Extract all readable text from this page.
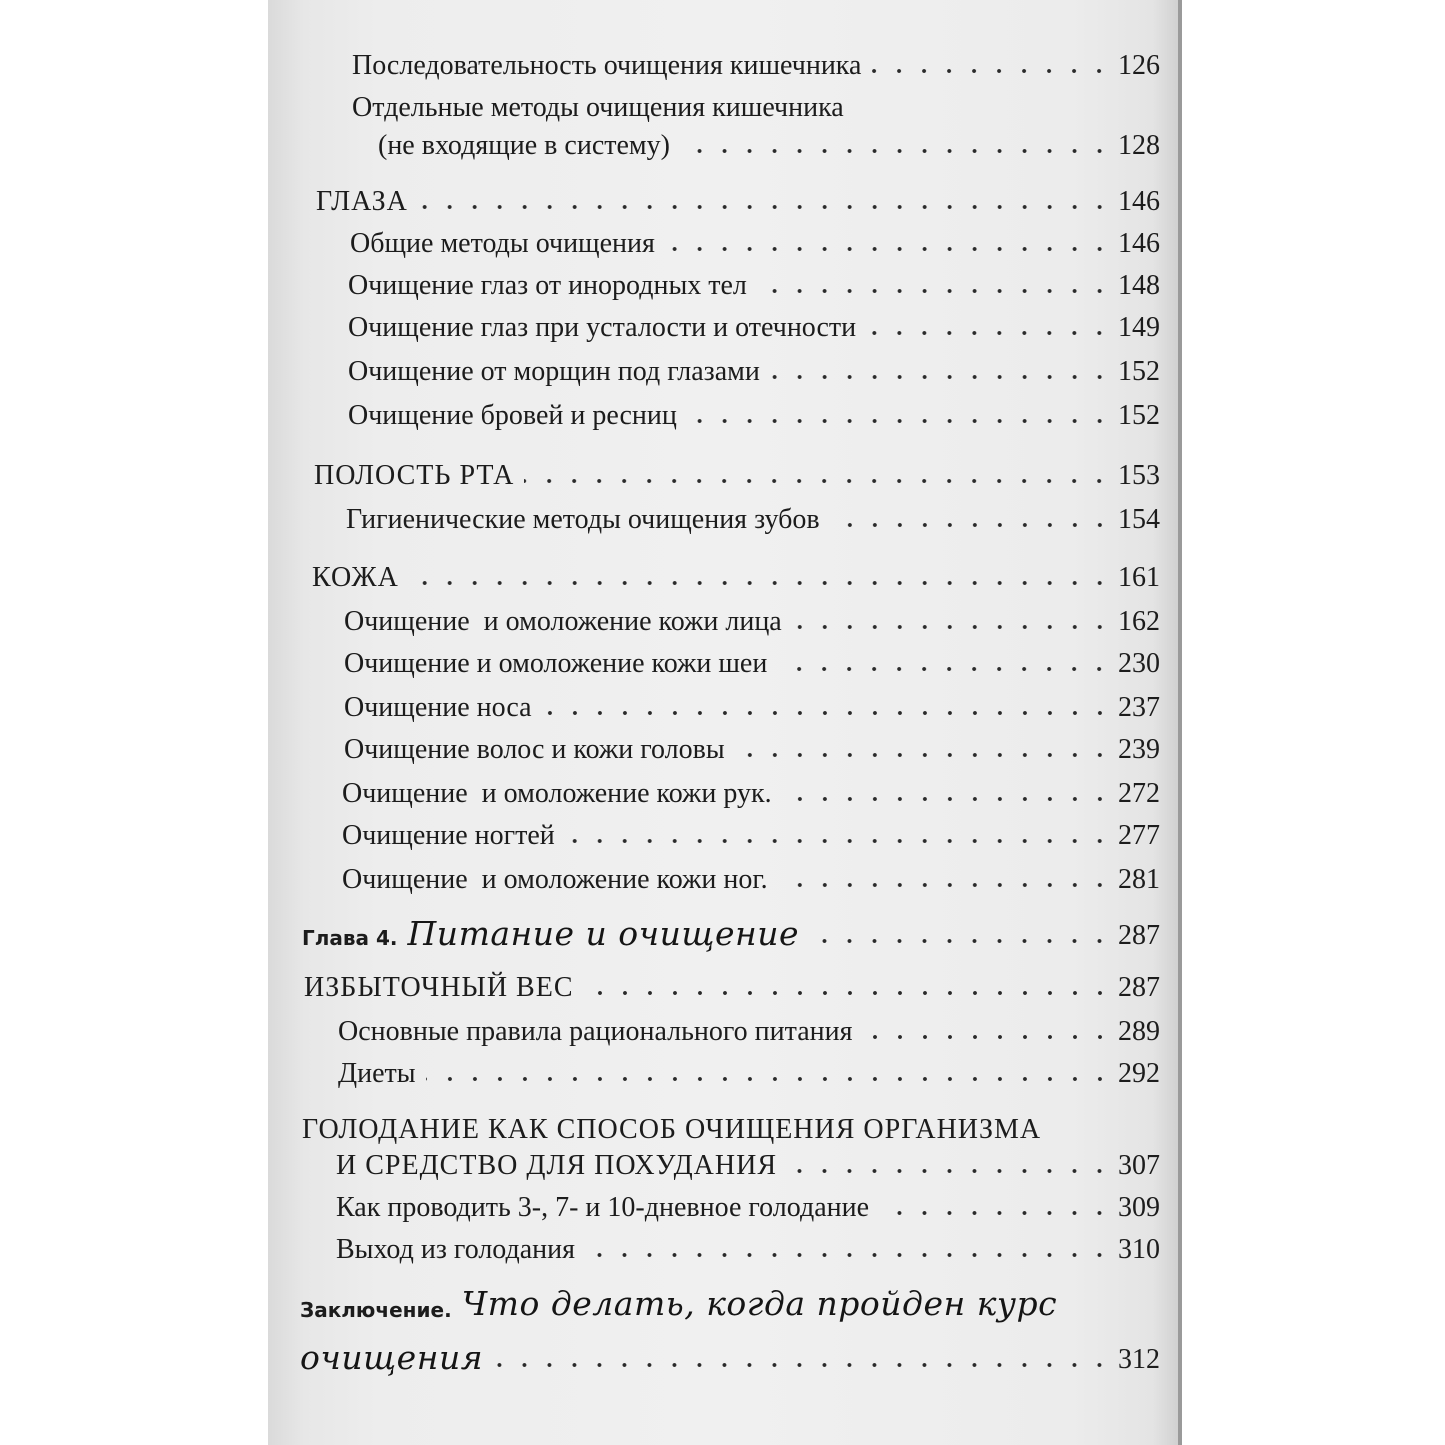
Последовательность очищения кишечника	126
Отдельные методы очищения кишечника
(не входящие в систему)	128
ГЛАЗА	146
Общие методы очищения	146
Очищение глаз от инородных тел	148
Очищение глаз при усталости и отечности	149
Очищение от морщин под глазами	152
Очищение бровей и ресниц	152
ПОЛОСТЬ РТА	153
Гигиенические методы очищения зубов	154
КОЖА	161
Очищение  и омоложение кожи лица	162
Очищение и омоложение кожи шеи	230
Очищение носа	237
Очищение волос и кожи головы	239
Очищение  и омоложение кожи рук.	272
Очищение ногтей	277
Очищение  и омоложение кожи ног.	281
Глава 4. Питание и очищение	287
ИЗБЫТОЧНЫЙ ВЕС	287
Основные правила рационального питания	289
Диеты	292
ГОЛОДАНИЕ КАК СПОСОБ ОЧИЩЕНИЯ ОРГАНИЗМА
И СРЕДСТВО ДЛЯ ПОХУДАНИЯ	307
Как проводить 3-, 7- и 10-дневное голодание	309
Выход из голодания	310
Заключение. Что делать, когда пройден курс
очищения	312
